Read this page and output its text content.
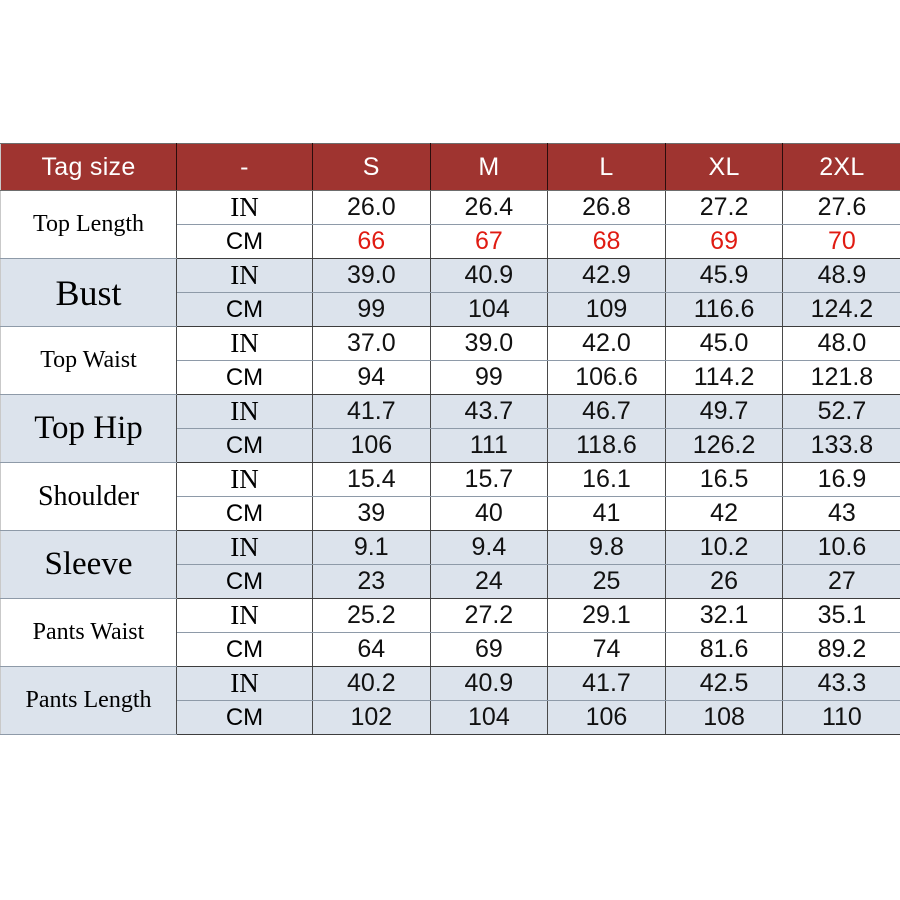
Tag size	-	S	M	L	XL	2XL
Top Length	IN	26.0	26.4	26.8	27.2	27.6
	CM	66	67	68	69	70
Bust	IN	39.0	40.9	42.9	45.9	48.9
	CM	99	104	109	116.6	124.2
Top Waist	IN	37.0	39.0	42.0	45.0	48.0
	CM	94	99	106.6	114.2	121.8
Top Hip	IN	41.7	43.7	46.7	49.7	52.7
	CM	106	111	118.6	126.2	133.8
Shoulder	IN	15.4	15.7	16.1	16.5	16.9
	CM	39	40	41	42	43
Sleeve	IN	9.1	9.4	9.8	10.2	10.6
	CM	23	24	25	26	27
Pants Waist	IN	25.2	27.2	29.1	32.1	35.1
	CM	64	69	74	81.6	89.2
Pants Length	IN	40.2	40.9	41.7	42.5	43.3
	CM	102	104	106	108	110
